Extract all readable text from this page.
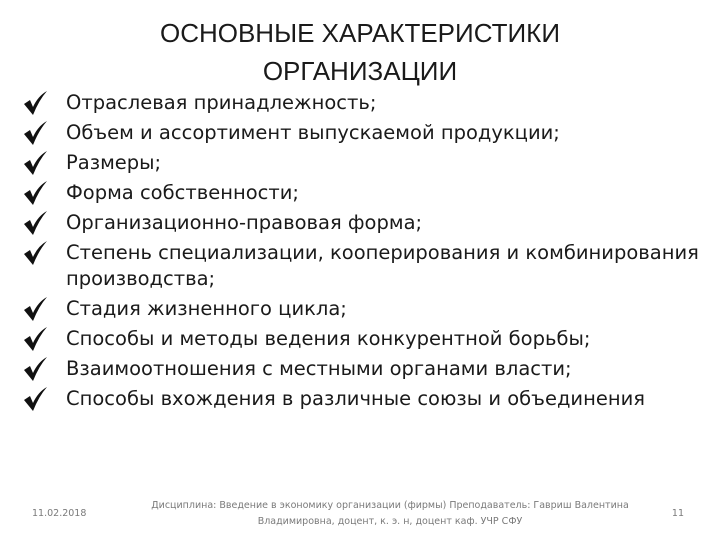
ОСНОВНЫЕ ХАРАКТЕРИСТИКИ
ОРГАНИЗАЦИИ
Отраслевая принадлежность;
Объем и ассортимент выпускаемой продукции;
Размеры;
Форма собственности;
Организационно-правовая форма;
Степень специализации, кооперирования и комбинирования производства;
Стадия жизненного цикла;
Способы и методы ведения конкурентной борьбы;
Взаимоотношения с местными органами власти;
Способы вхождения в различные союзы и объединения
11.02.2018
Дисциплина: Введение в экономику организации (фирмы) Преподаватель: Гавриш Валентина
Владимировна, доцент, к. э. н, доцент каф. УЧР СФУ
11
